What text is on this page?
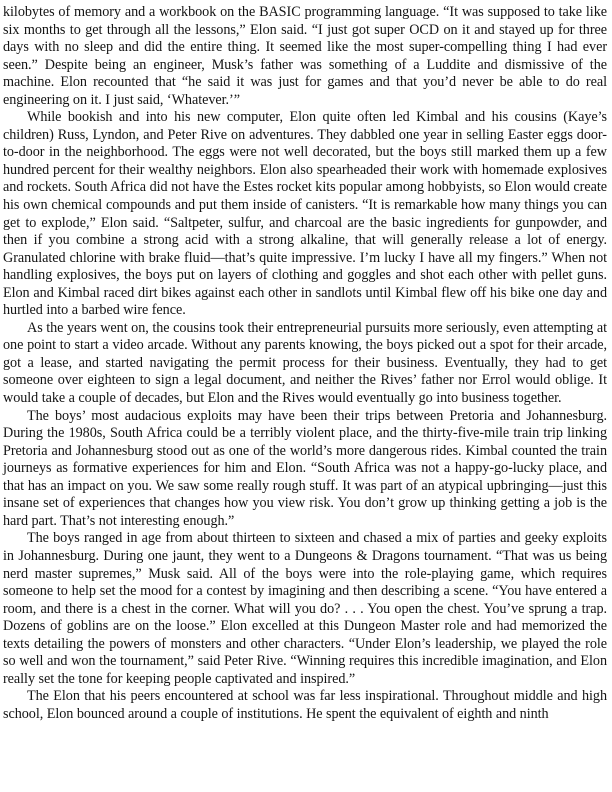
kilobytes of memory and a workbook on the BASIC programming language. “It was supposed to take like six months to get through all the lessons,” Elon said. “I just got super OCD on it and stayed up for three days with no sleep and did the entire thing. It seemed like the most super-compelling thing I had ever seen.” Despite being an engineer, Musk’s father was something of a Luddite and dismissive of the machine. Elon recounted that “he said it was just for games and that you’d never be able to do real engineering on it. I just said, ‘Whatever.’”

While bookish and into his new computer, Elon quite often led Kimbal and his cousins (Kaye’s children) Russ, Lyndon, and Peter Rive on adventures. They dabbled one year in selling Easter eggs door-to-door in the neighborhood. The eggs were not well decorated, but the boys still marked them up a few hundred percent for their wealthy neighbors. Elon also spearheaded their work with homemade explosives and rockets. South Africa did not have the Estes rocket kits popular among hobbyists, so Elon would create his own chemical compounds and put them inside of canisters. “It is remarkable how many things you can get to explode,” Elon said. “Saltpeter, sulfur, and charcoal are the basic ingredients for gunpowder, and then if you combine a strong acid with a strong alkaline, that will generally release a lot of energy. Granulated chlorine with brake fluid—that’s quite impressive. I’m lucky I have all my fingers.” When not handling explosives, the boys put on layers of clothing and goggles and shot each other with pellet guns. Elon and Kimbal raced dirt bikes against each other in sandlots until Kimbal flew off his bike one day and hurtled into a barbed wire fence.

As the years went on, the cousins took their entrepreneurial pursuits more seriously, even attempting at one point to start a video arcade. Without any parents knowing, the boys picked out a spot for their arcade, got a lease, and started navigating the permit process for their business. Eventually, they had to get someone over eighteen to sign a legal document, and neither the Rives’ father nor Errol would oblige. It would take a couple of decades, but Elon and the Rives would eventually go into business together.

The boys’ most audacious exploits may have been their trips between Pretoria and Johannesburg. During the 1980s, South Africa could be a terribly violent place, and the thirty-five-mile train trip linking Pretoria and Johannesburg stood out as one of the world’s more dangerous rides. Kimbal counted the train journeys as formative experiences for him and Elon. “South Africa was not a happy-go-lucky place, and that has an impact on you. We saw some really rough stuff. It was part of an atypical upbringing—just this insane set of experiences that changes how you view risk. You don’t grow up thinking getting a job is the hard part. That’s not interesting enough.”

The boys ranged in age from about thirteen to sixteen and chased a mix of parties and geeky exploits in Johannesburg. During one jaunt, they went to a Dungeons & Dragons tournament. “That was us being nerd master supremes,” Musk said. All of the boys were into the role-playing game, which requires someone to help set the mood for a contest by imagining and then describing a scene. “You have entered a room, and there is a chest in the corner. What will you do? . . . You open the chest. You’ve sprung a trap. Dozens of goblins are on the loose.” Elon excelled at this Dungeon Master role and had memorized the texts detailing the powers of monsters and other characters. “Under Elon’s leadership, we played the role so well and won the tournament,” said Peter Rive. “Winning requires this incredible imagination, and Elon really set the tone for keeping people captivated and inspired.”

The Elon that his peers encountered at school was far less inspirational. Throughout middle and high school, Elon bounced around a couple of institutions. He spent the equivalent of eighth and ninth
